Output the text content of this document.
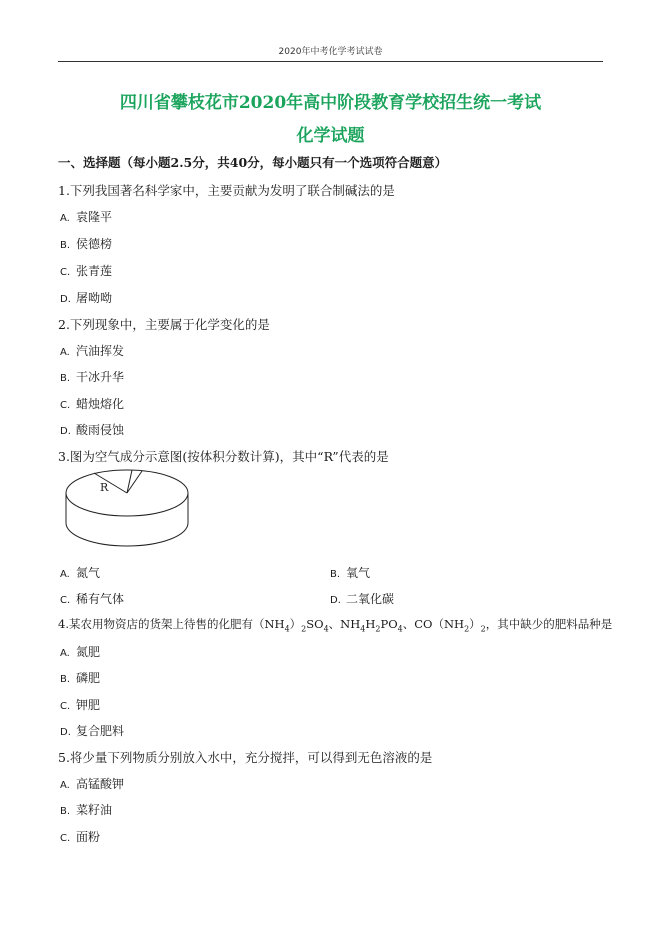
2020年中考化学考试试卷
四川省攀枝花市2020年高中阶段教育学校招生统一考试
化学试题
一、选择题（每小题2.5分，共40分，每小题只有一个选项符合题意）
1.下列我国著名科学家中，主要贡献为发明了联合制碱法的是
A. 袁隆平
B. 侯德榜
C. 张青莲
D. 屠呦呦
2.下列现象中，主要属于化学变化的是
A. 汽油挥发
B. 干冰升华
C. 蜡烛熔化
D. 酸雨侵蚀
3.图为空气成分示意图(按体积分数计算)，其中“R”代表的是
R
A. 氮气	B. 氧气
C. 稀有气体	D. 二氧化碳
4.某农用物资店的货架上待售的化肥有$(NH_4)_2SO_4$、$NH_4H_2PO_4$、$CO(NH_2)_2$，其中缺少的肥料品种是
A. 氮肥
B. 磷肥
C. 钾肥
D. 复合肥料
5.将少量下列物质分别放入水中，充分搅拌，可以得到无色溶液的是
A. 高锰酸钾
B. 菜籽油
C. 面粉
